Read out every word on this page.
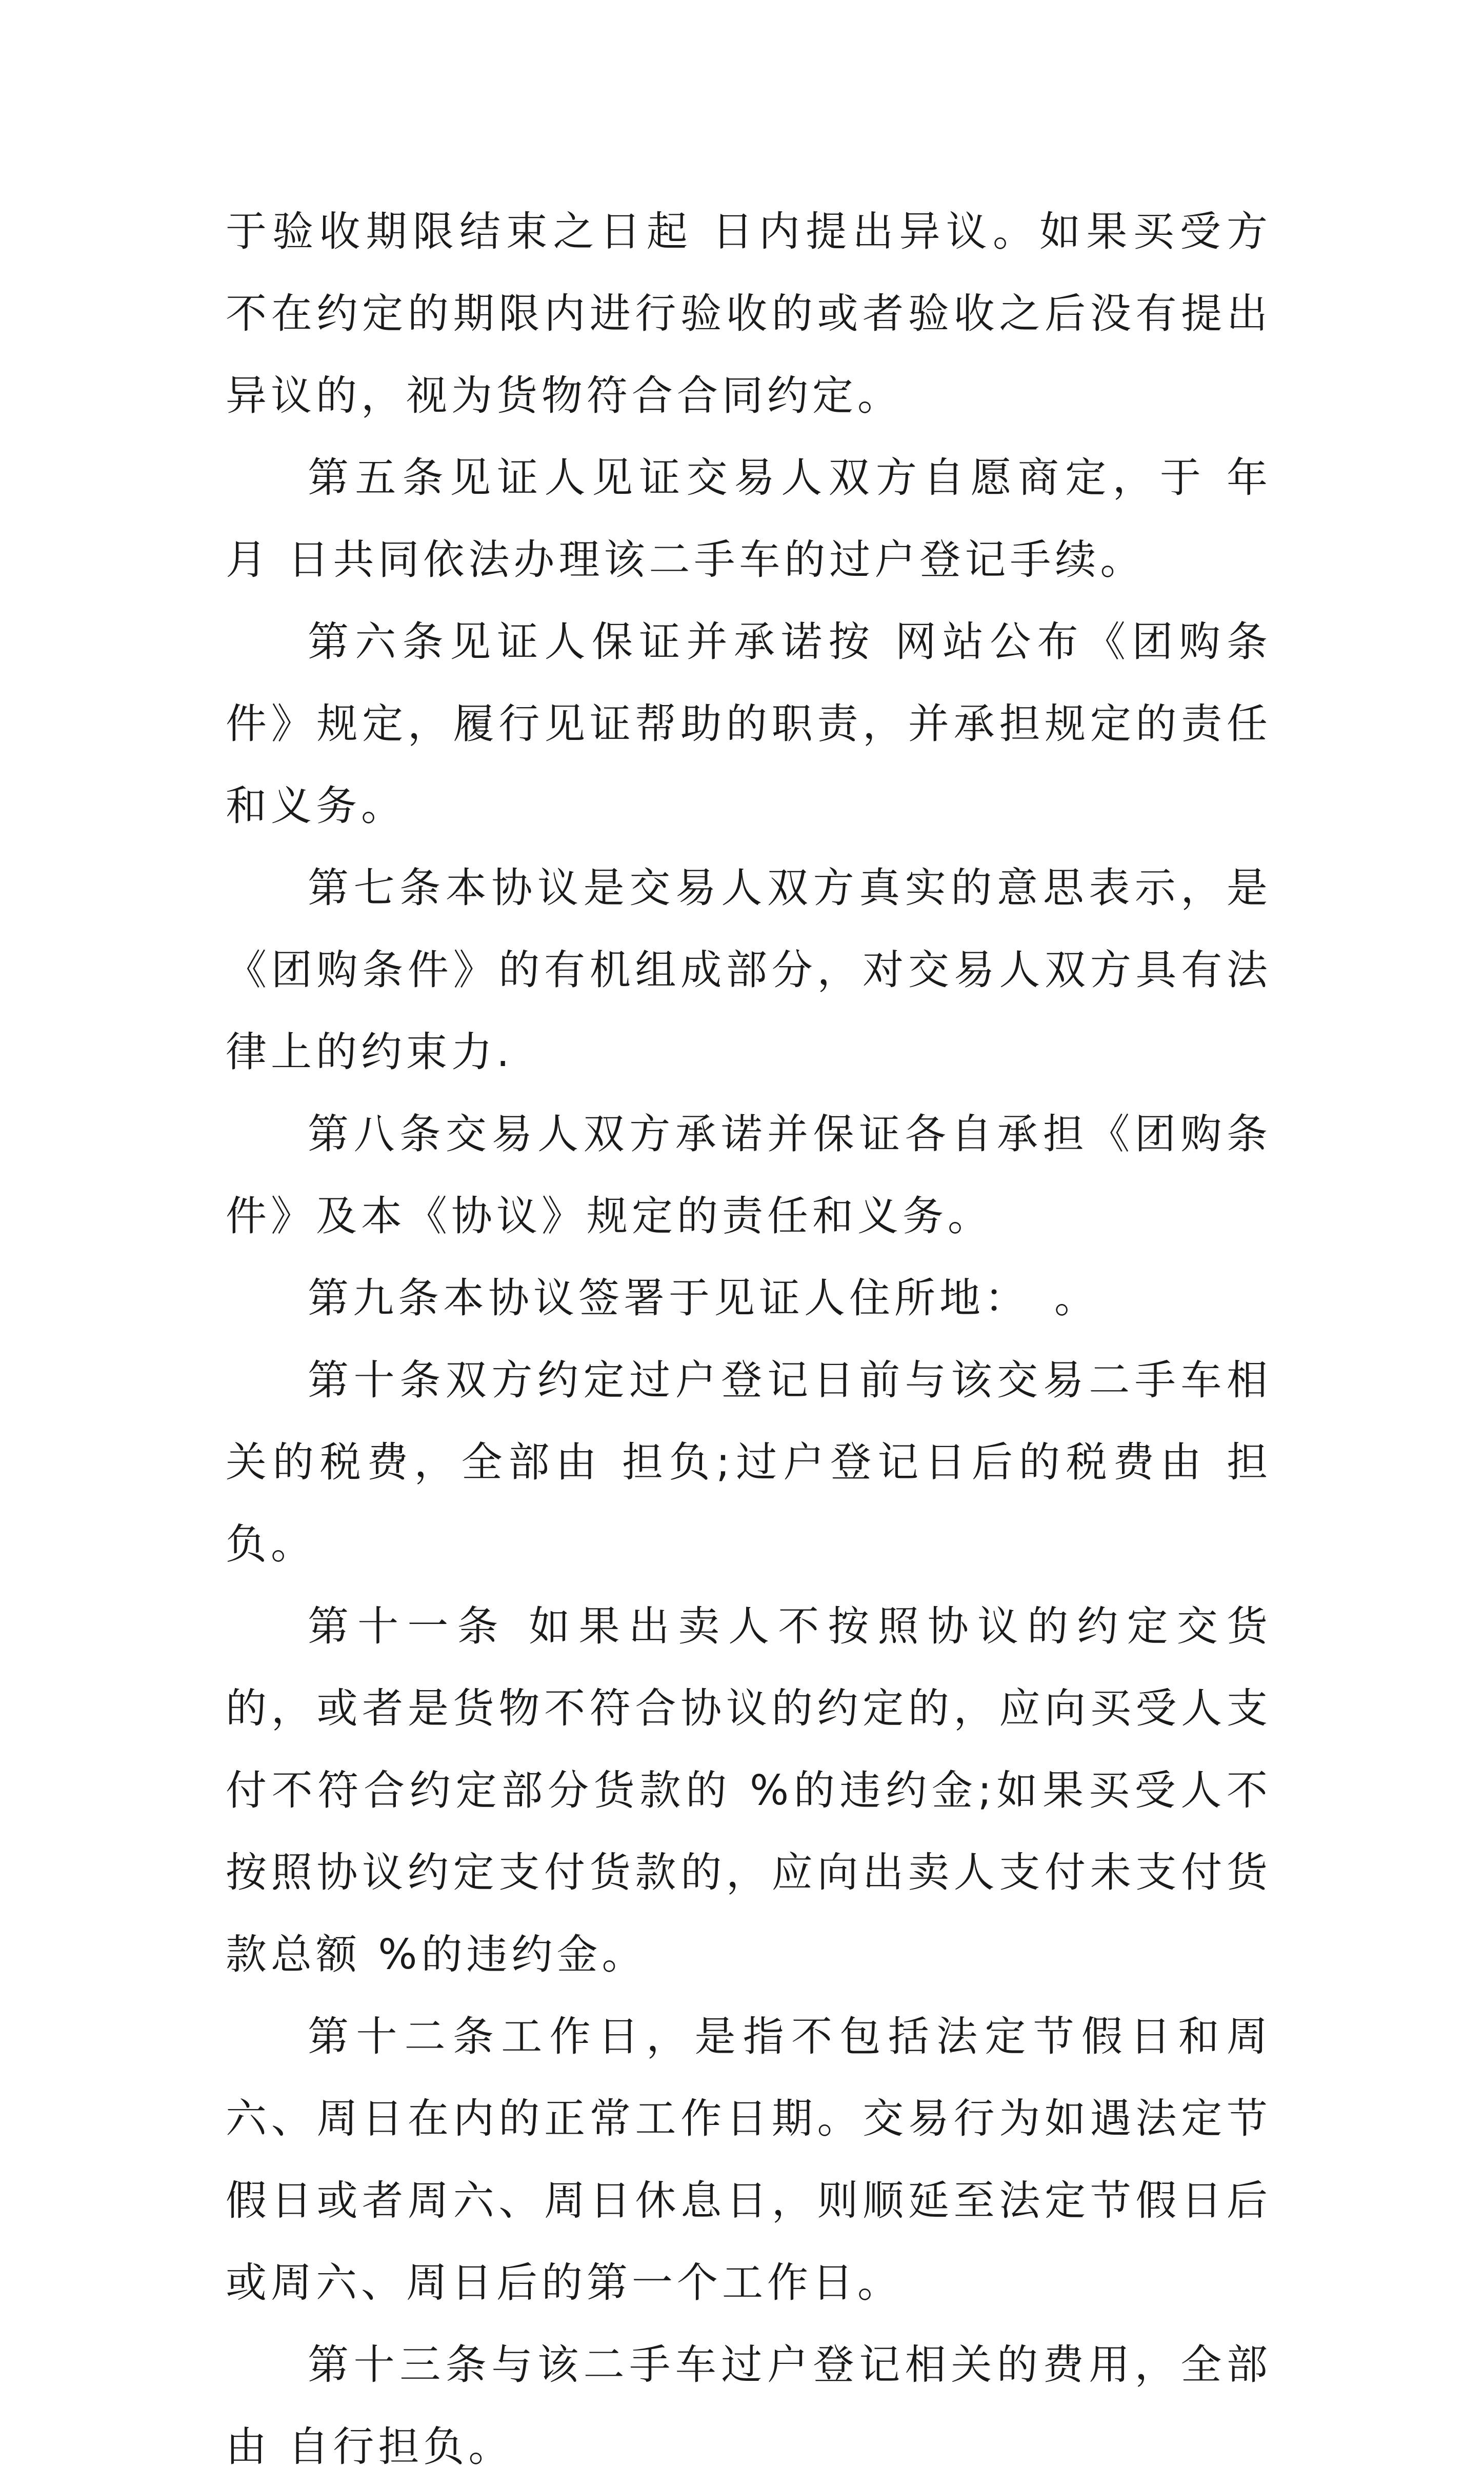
于验收期限结束之日起 日内提出异议。如果买受方不在约定的期限内进行验收的或者验收之后没有提出异议的，视为货物符合合同约定。

第五条见证人见证交易人双方自愿商定，于 年 月 日共同依法办理该二手车的过户登记手续。

第六条见证人保证并承诺按 网站公布《团购条件》规定，履行见证帮助的职责，并承担规定的责任和义务。

第七条本协议是交易人双方真实的意思表示，是《团购条件》的有机组成部分，对交易人双方具有法律上的约束力.

第八条交易人双方承诺并保证各自承担《团购条件》及本《协议》规定的责任和义务。

第九条本协议签署于见证人住所地：　。

第十条双方约定过户登记日前与该交易二手车相关的税费，全部由 担负;过户登记日后的税费由 担负。

第十一条 如果出卖人不按照协议的约定交货的，或者是货物不符合协议的约定的，应向买受人支付不符合约定部分货款的 %的违约金;如果买受人不按照协议约定支付货款的，应向出卖人支付未支付货款总额 %的违约金。

第十二条工作日，是指不包括法定节假日和周六、周日在内的正常工作日期。交易行为如遇法定节假日或者周六、周日休息日，则顺延至法定节假日后或周六、周日后的第一个工作日。

第十三条与该二手车过户登记相关的费用，全部由 自行担负。
